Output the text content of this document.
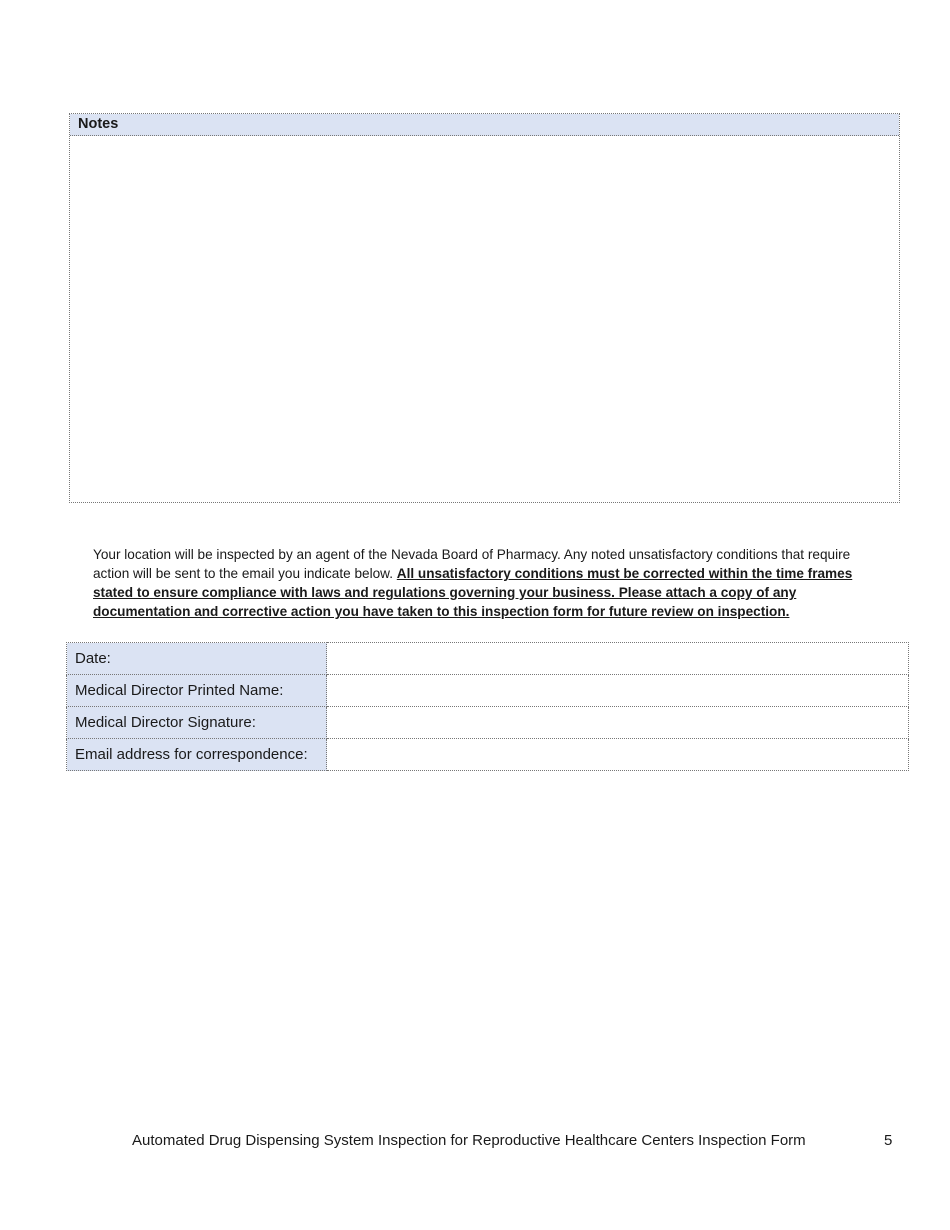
Notes

Your location will be inspected by an agent of the Nevada Board of Pharmacy. Any noted unsatisfactory conditions that require action will be sent to the email you indicate below. All unsatisfactory conditions must be corrected within the time frames stated to ensure compliance with laws and regulations governing your business. Please attach a copy of any documentation and corrective action you have taken to this inspection form for future review on inspection.

Date:	
Medical Director Printed Name:	
Medical Director Signature:	
Email address for correspondence:	
Automated Drug Dispensing System Inspection for Reproductive Healthcare Centers Inspection Form	5
